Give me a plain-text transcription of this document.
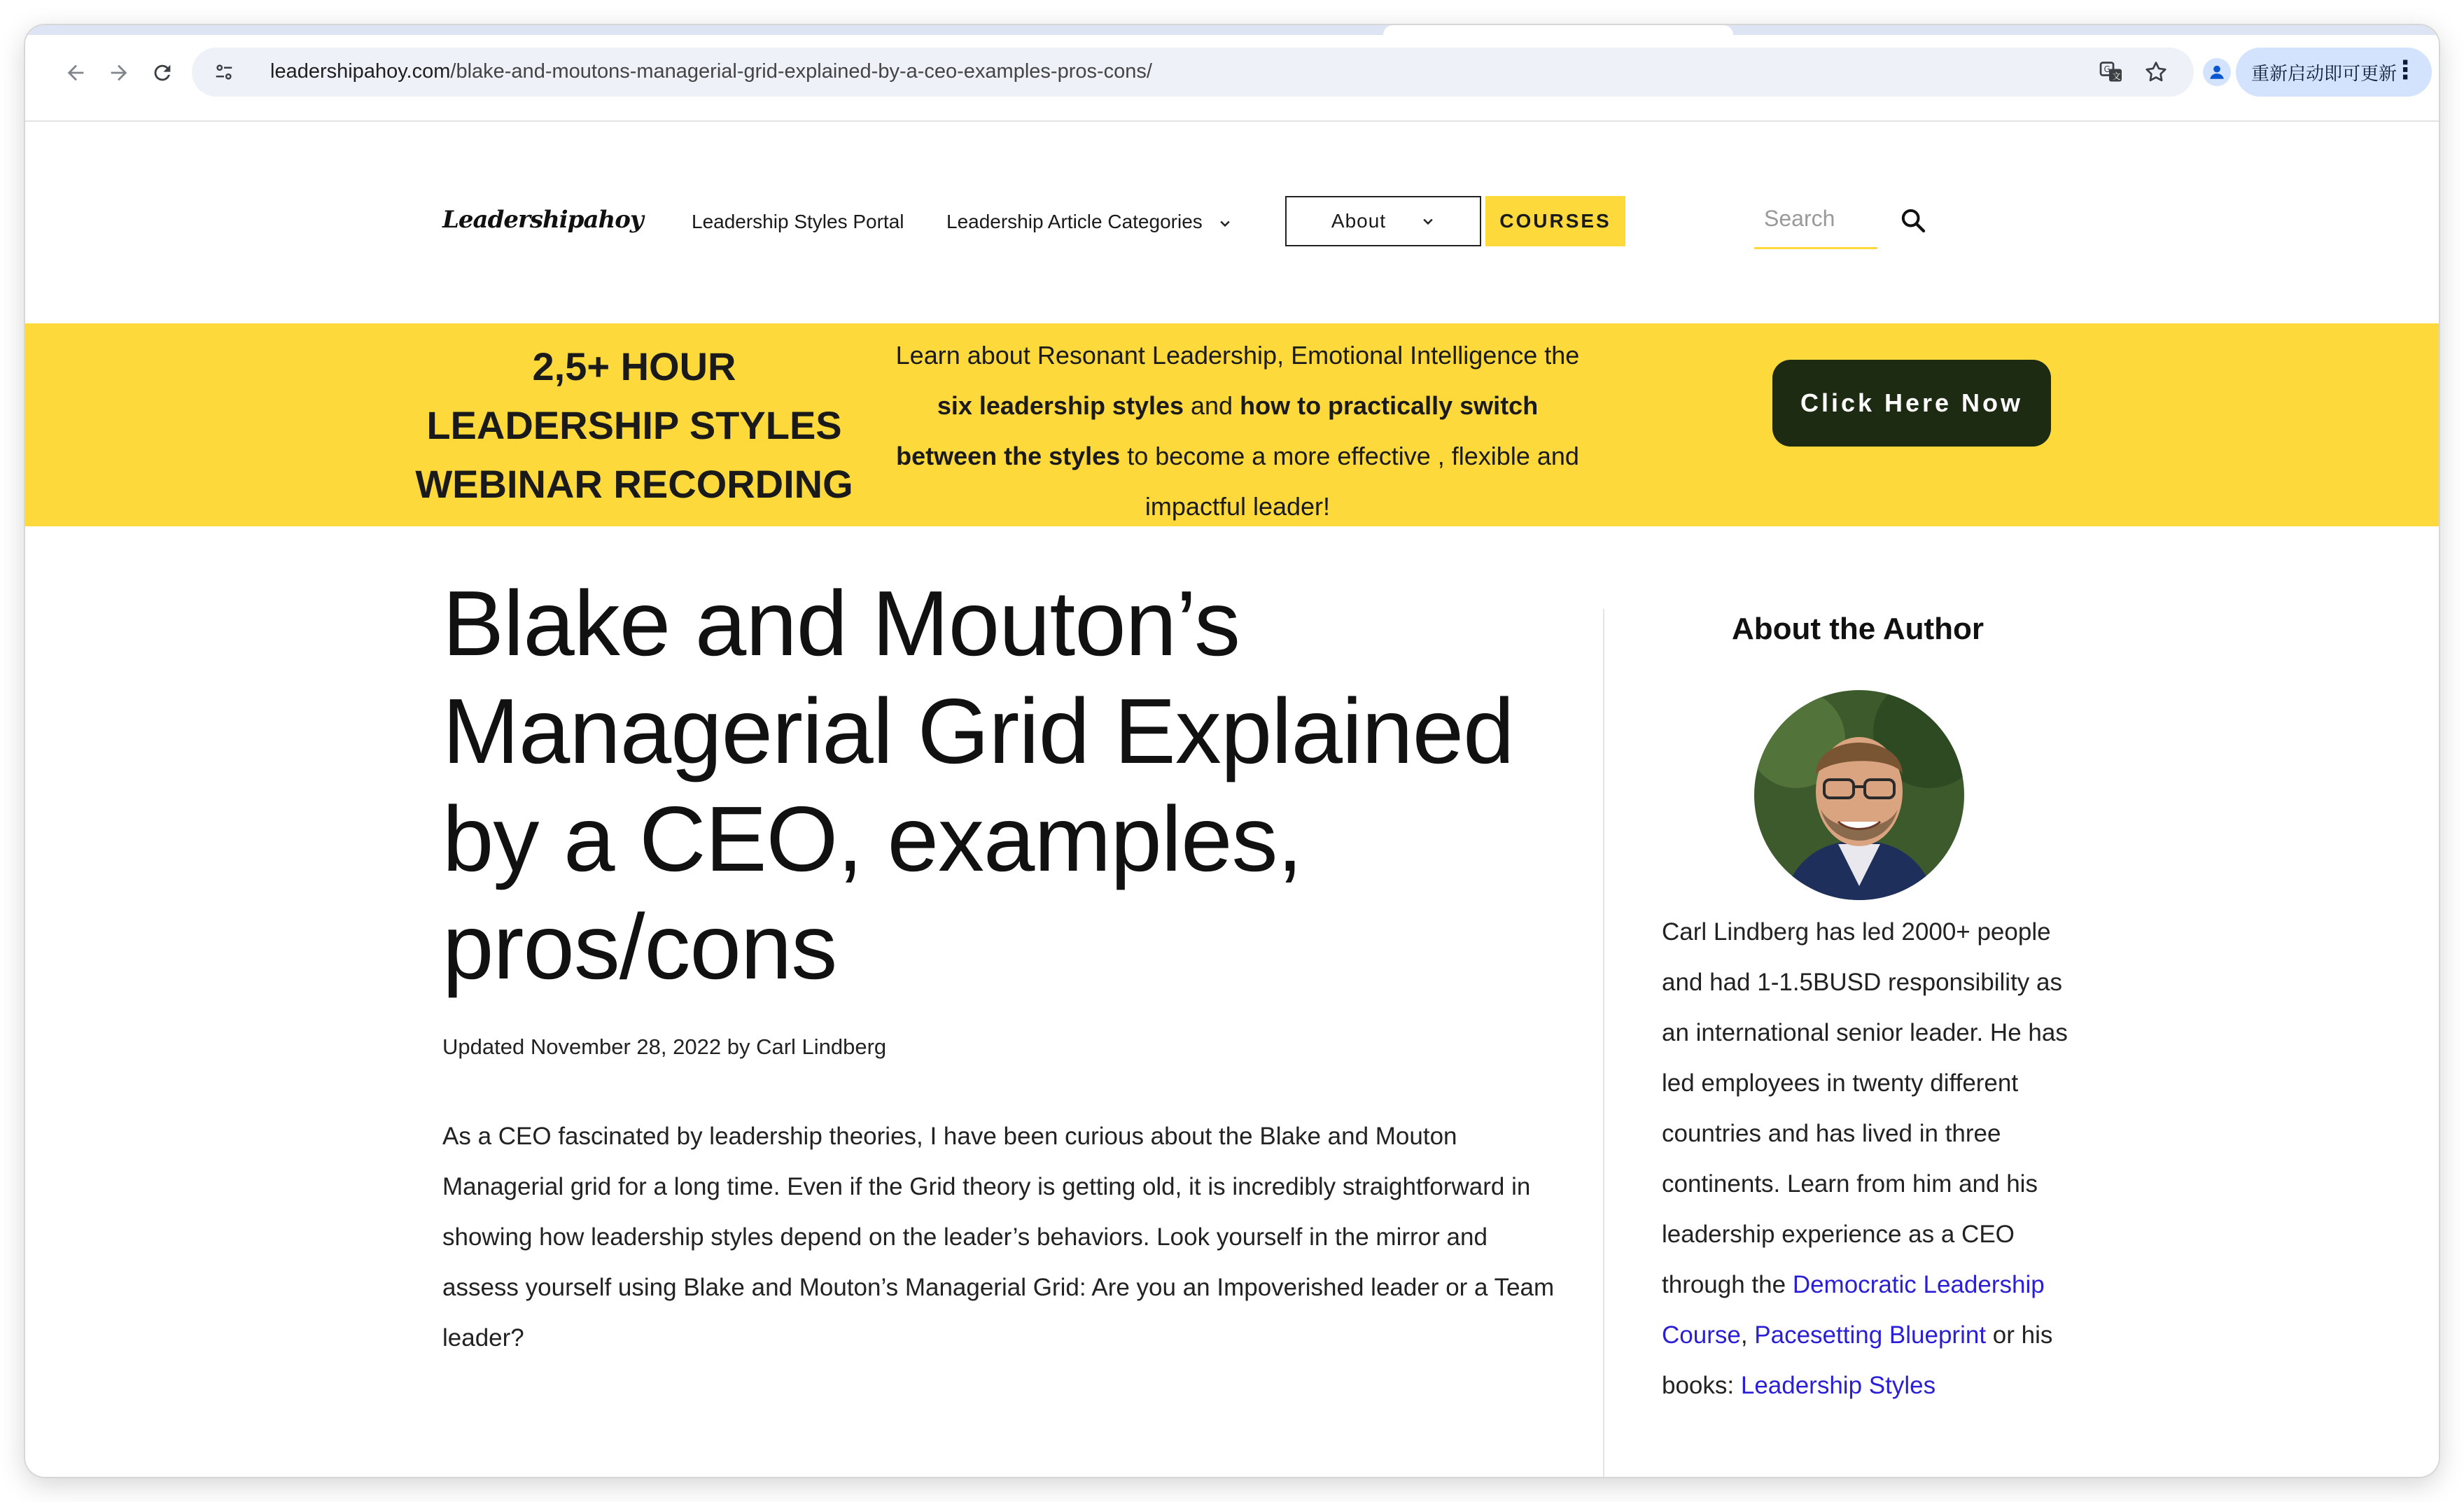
leadershipahoy.com/blake-and-moutons-managerial-grid-explained-by-a-ceo-examples-pros-cons/	G
文	重新启动即可更新
⋮
Leadershipahoy Leadership Styles Portal Leadership Article Categories	About	COURSES
Search
2,5+ HOUR
LEADERSHIP STYLES
WEBINAR RECORDING
Learn about Resonant Leadership, Emotional Intelligence the six leadership styles and how to practically switch between the styles to become a more effective , flexible and impactful leader!
Click Here Now
Blake and Mouton’s Managerial Grid Explained by a CEO, examples, pros/cons
Updated November 28, 2022 by Carl Lindberg

As a CEO fascinated by leadership theories, I have been curious about the Blake and Mouton Managerial grid for a long time. Even if the Grid theory is getting old, it is incredibly straightforward in showing how leadership styles depend on the leader’s behaviors. Look yourself in the mirror and assess yourself using Blake and Mouton’s Managerial Grid: Are you an Impoverished leader or a Team leader?

About the Author
Carl Lindberg has led 2000+ people and had 1-1.5BUSD responsibility as an international senior leader. He has led employees in twenty different countries and has lived in three continents. Learn from him and his leadership experience as a CEO through the Democratic Leadership Course, Pacesetting Blueprint or his books: Leadership Styles
